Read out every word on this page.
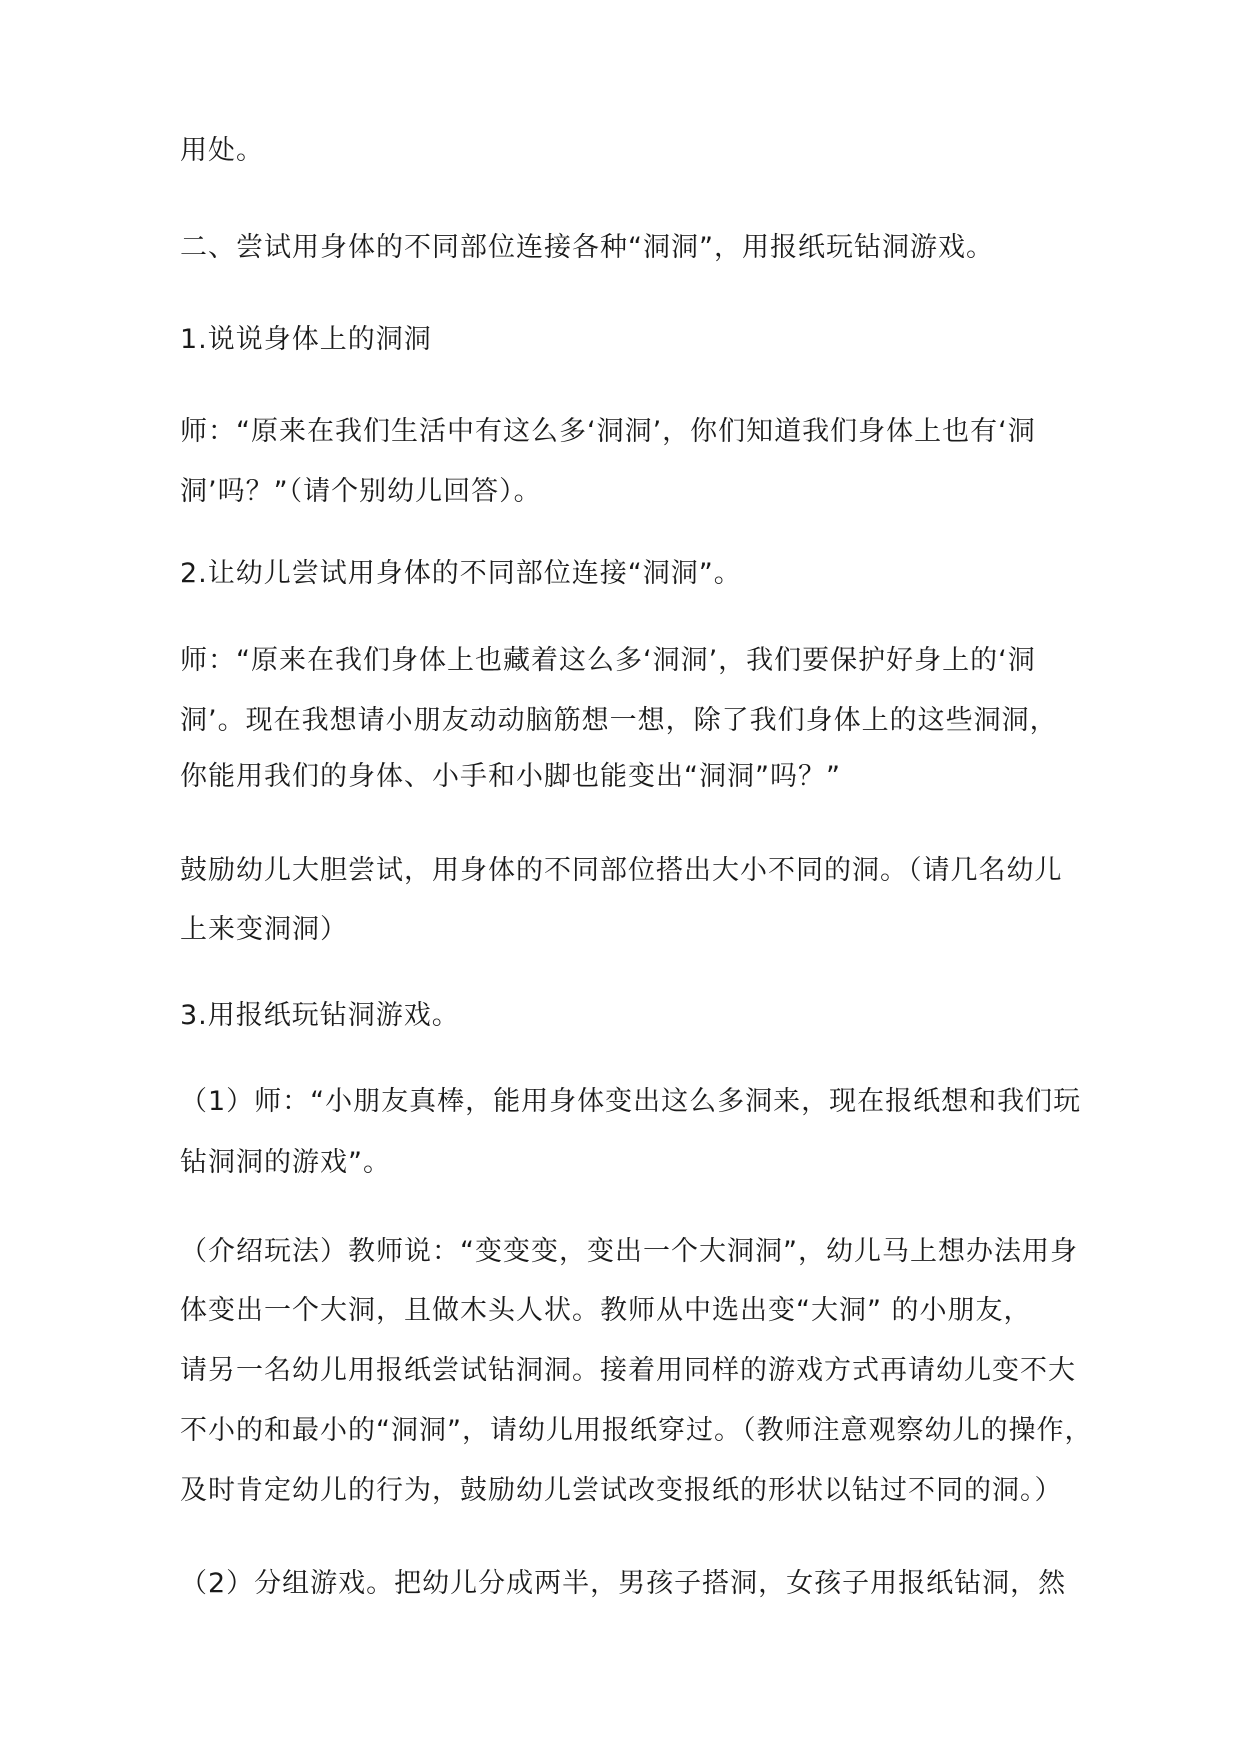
用处。
二、尝试用身体的不同部位连接各种“洞洞”，用报纸玩钻洞游戏。
1.说说身体上的洞洞
师：“原来在我们生活中有这么多‘洞洞’，你们知道我们身体上也有‘洞
洞’吗？”（请个别幼儿回答）。
2.让幼儿尝试用身体的不同部位连接“洞洞”。
师：“原来在我们身体上也藏着这么多‘洞洞’，我们要保护好身上的‘洞
洞’。现在我想请小朋友动动脑筋想一想，除了我们身体上的这些洞洞，
你能用我们的身体、小手和小脚也能变出“洞洞”吗？”
鼓励幼儿大胆尝试，用身体的不同部位搭出大小不同的洞。（请几名幼儿
上来变洞洞）
3.用报纸玩钻洞游戏。
（1）师：“小朋友真棒，能用身体变出这么多洞来，现在报纸想和我们玩
钻洞洞的游戏”。
（介绍玩法）教师说：“变变变，变出一个大洞洞”，幼儿马上想办法用身
体变出一个大洞，且做木头人状。教师从中选出变“大洞” 的小朋友，
请另一名幼儿用报纸尝试钻洞洞。接着用同样的游戏方式再请幼儿变不大
不小的和最小的“洞洞”，请幼儿用报纸穿过。（教师注意观察幼儿的操作，
及时肯定幼儿的行为，鼓励幼儿尝试改变报纸的形状以钻过不同的洞。）
（2）分组游戏。把幼儿分成两半，男孩子搭洞，女孩子用报纸钻洞，然
